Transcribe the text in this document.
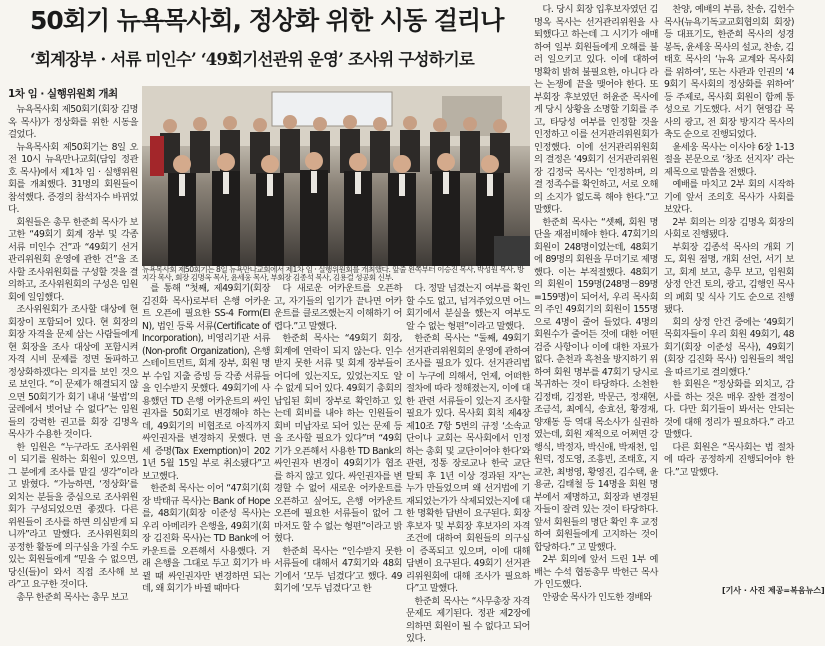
50회기 뉴욕목사회, 정상화 위한 시동 걸리나
‘회계장부 · 서류 미인수’ ‘49회기선관위 운영’ 조사위 구성하기로
1차 임 · 실행위원회 개최
뉴욕목사회 제50회기는 8일 뉴욕만나교회에서 제1차 임 · 실행위원회를 개최했다. 앞줄 왼쪽부터 이승진 목사, 박성원 목사, 방지각 목사, 회장 김명옥 목사, 윤세웅 목사, 부회장 김종석 목사, 김용걸 성공회 신부.

뉴욕목사회 제50회기(회장 김명옥 목사)가 정상화를 위한 시동을 걸었다.

뉴욕목사회 제50회기는 8일 오전 10시 뉴욕만나교회(담임 정관호 목사)에서 제1차 임 · 실행위원회를 개최했다. 31명의 회원들이 참석했다. 증경의 참석자수 바뀌었다.

회원들은 총무 한준희 목사가 보고한 “49회기 회계 장부 및 각종 서류 미인수 건”과 “49회기 선거관리위원회 운영에 관한 건”을 조사할 조사위원회를 구성할 것을 결의하고, 조사위원회의 구성은 임원회에 일임했다.

조사위원회가 조사할 대상에 현 회장이 포함되어 있다. 현 회장의 회장 자격을 문제 삼는 사람들에게 현 회장을 조사 대상에 포함시켜 자격 시비 문제를 정면 돌파하고 정상화하겠다는 의지를 보인 것으로 보인다. “이 문제가 해결되지 않으면 50회기가 회기 내내 ‘불법’의 굴레에서 벗어날 수 없다”는 임원들의 강력한 권고를 회장 김명옥 목사가 수용한 것이다.

한 임원은 “누구라도 조사위원이 되기를 원하는 회원이 있으면, 그 분에게 조사를 맡길 생각”이라고 밝혔다. “가능하면, ‘정상화’를 외치는 분들을 중심으로 조사위원회가 구성되었으면 좋겠다. 다른 위원들이 조사를 하면 의심받게 되니까”라고 말했다. 조사위원회의 공정한 활동에 의구심을 가질 수도 있는 회원들에게 “믿을 수 없으면, 당신(들)이 와서 직접 조사해 보라”고 요구한 것이다.

총무 한준희 목사는 총무 보고

를 통해 “첫째, 제49회기(회장 김진화 목사)로부터 은행 어카운트 오픈에 필요한 SS-4 Form(EIN), 법인 등록 서류(Certificate of Incorporation), 비영리기관 서류(Non-profit Organization), 은행 스테이트먼트, 회계 장부, 회원 명부 수입 지출 증빙 등 각종 서류들을 인수받지 못했다. 49회기에 사용했던 TD 은행 어카운트의 싸인권자를 50회기로 변경해야 하는데, 49회기의 비협조로 아직까지 싸인권자를 변경하지 못했다. 면세 증명(Tax Exemption)이 2021년 5월 15일 부로 취소됐다”고 보고했다.

한준희 목사는 이어 “47회기(회장 박태규 목사)는 Bank of Hope를, 48회기(회장 이준성 목사)는 우리 아메리카 은행을, 49회기(회장 김진화 목사)는 TD Bank에 어카운트를 오픈해서 사용했다. 거래 은행을 그대로 두고 회기가 바뀔 때 싸인권자만 변경하면 되는데, 왜 회기가 바뀔 때마다

다 새로운 어카운트를 오픈하고, 자기들의 임기가 끝나면 어카운트를 클로즈했는지 이해하기 어렵다.”고 말했다.

한준희 목사는 “49회기 회장, 회계에 연락이 되지 않는다. 인수받지 못한 서류 및 회계 장부들이 어디에 있는지도, 있었는지도 알 수 없게 되어 있다. 49회기 총회의 납입된 회비 장부로 확인하고 있는데 회비를 내야 하는 인원들이 회비 미납자로 되어 있는 문제 등을 조사할 필요가 있다”며 “49회기가 오픈해서 사용한 TD Bank의 싸인권자 변경이 49회기가 협조를 하지 않고 있다. 싸인권자를 변경할 수 없어 새로운 어카운트를 오픈하고 싶어도, 은행 어카운트 오픈에 필요한 서류들이 없어 그 마저도 할 수 없는 형편”이라고 밝혔다.

한준희 목사는 “인수받지 못한 서류들에 대해서 47회기와 48회기에서 ‘모두 넘겼다’고 했다. 49회기에 ‘모두 넘겼다’고 한

다. 정말 넘겼는지 여부를 확인할 수도 없고, 넘겨주었으면 어느 회기에서 분실을 했는지 여부도 알 수 없는 형편”이라고 말했다.

한준희 목사는 “둘째, 49회기 선거관리위원회의 운영에 관하여 조사를 필요가 있다. 선거관리법이 누구에 의해서, 언제, 어떠한 절차에 따라 정해졌는지, 이에 대한 관련 서류들이 있는지 조사할 필요가 있다. 목사회 회칙 제4장 제10조 7항 5번의 규정 ‘소속교단이나 교회는 목사회에서 인정하는 총회 및 교단이어야 한다’와 관련, 정통 장로교나 한국 교단 탈퇴 후 1년 이상 경과된 자”는 누가 만들었으며 왜 선거법에 기재되었는가가 삭제되었는지에 대한 명확한 답변이 요구된다. 회장 후보자 및 부회장 후보자의 자격 조건에 대하여 회원들의 의구심이 증폭되고 있으며, 이에 대해 담변이 요구된다. 49회기 선거관리위원회에 대해 조사가 필요하다”고 말했다.

한준희 목사는 “사무총장 자격 문제도 제기된다. 정관 제2장에 의하면 회원이 될 수 없다고 되어 있다.

다. 당시 회장 입후보자였던 김명옥 목사는 선거관리위원을 사퇴했다고 하는데 그 시기가 애매하여 일부 회원들에게 오해를 불러 일으키고 있다. 이에 대하여 명확히 밝혀 불필요한, 아니다 라는 논쟁에 끝을 맺어야 한다. 또 부회장 후보였던 허윤준 목사에게 당시 상황을 소명할 기회를 주고, 타당성 여부를 인정할 것을 인정하고 이를 선거관리위원회가 인정했다. 이에 선거관리위원회의 결정은 ‘49회기 선거관리위원장 김정국 목사는 ’인정하며, 의결 정족수를 확인하고, 서로 오해의 소지가 없도록 해야 한다.”고 말했다.

한준희 목사는 “셋째, 회원 명단을 재점비해야 한다. 47회기의 회원이 248명이었는데, 48회기에 89명의 회원을 무더기로 제명했다. 이는 부적절했다. 48회기의 회원이 159명(248명－89명=159명)이 되어서, 우리 목사회의 주인 49회기의 회원이 155명으로 4명이 줄어 들었다. 4명의 회원수가 줄어든 것에 대한 어떤 검증 사항이나 이에 대한 자료가 없다. 춘천과 흑천을 방지하기 위하여 회원 명부를 47회기 당시로 복귀하는 것이 타당하다. 소천한 김정태, 김정완, 박문근, 정재현, 조금석, 최예식, 송효선, 황경재, 양재동 등 역대 목소사가 실권하였는데, 회원 재적으로 어쩌면 강행식, 박정자, 박신애, 박재천, 임원덕, 정도영, 조흥빈, 조태호, 지교찬, 최병영, 황영진, 김수택, 윤용균, 김태철 등 14명을 회원 명부에서 제명하고, 회장과 변경된 자들이 잘려 있는 것이 타당하다. 앞서 회원들의 명단 확인 후 교정하여 회원들에게 고지하는 것이 합당하다.” 고 말했다.

2부 회의에 앞서 드린 1부 예배는 수석 협동총무 박헌근 목사가 인도했다.

안광순 목사가 인도한 경배와

찬양, 예배의 부름, 찬송, 김헌수 목사(뉴욕기독교교회협의회 회장) 등 대표기도, 한준희 목사의 성경 봉독, 윤세웅 목사의 설교, 찬송, 김태호 목사의 ‘뉴욕 교계와 목사회를 위하여’, 또는 사관과 인권의 ‘49회기 목사회의 정상화를 위하여’ 등 주제로, 목사회 회원이 함께 통성으로 기도했다. 서기 현영갑 목사의 광고, 전 회장 방지각 목사의 축도 순으로 진행되었다.

윤세웅 목사는 이사야 6장 1-13절을 본문으로 ‘창조 선지자’ 라는 제목으로 말씀을 전했다.

예배를 마치고 2부 회의 시작하기에 앞서 조의호 목사가 사회를 보았다.

2부 회의는 의장 김명옥 회장의 사회로 진행됐다.

부회장 김종석 목사의 개회 기도, 회원 점명, 개회 선언, 서기 보고, 회계 보고, 총무 보고, 임원회 상정 안건 토의, 광고, 김행인 목사의 폐회 및 식사 기도 순으로 진행됐다.

회의 상정 안건 중에는 ‘49회기 목회자들이 우리 회원 49회기, 48회기(회장 이준성 목사), 49회기(회장 김진화 목사) 임원들의 책임을 따르기로 결의했다.’

한 회원은 “정상화를 외치고, 감사를 하는 것은 매우 잘한 결정이다. 다만 회기들이 봐서는 안되는 것에 대해 정리가 필요하다.” 라고 말했다.

다른 회원은 “목사회는 법 절차에 따라 공정하게 진행되어야 한다.”고 말했다.

[기사 · 사진 제공=복음뉴스]
